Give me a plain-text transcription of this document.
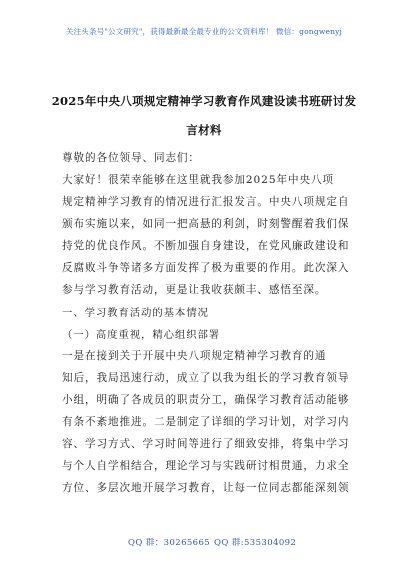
关注头条号"公文研究"，获得最新最全最专业的公文资料库！ 微信：gongwenyj
2025年中央八项规定精神学习教育作风建设读书班研讨发
言材料
尊敬的各位领导、同志们：
大家好！很荣幸能够在这里就我参加2025年中央八项
规定精神学习教育的情况进行汇报发言。中央八项规定自
颁布实施以来，如同一把高悬的利剑，时刻警醒着我们保
持党的优良作风。不断加强自身建设，在党风廉政建设和
反腐败斗争等诸多方面发挥了极为重要的作用。此次深入
参与学习教育活动，更是让我收获颇丰、感悟至深。
一、学习教育活动的基本情况
（一）高度重视，精心组织部署
一是在接到关于开展中央八项规定精神学习教育的通
知后，我局迅速行动，成立了以我为组长的学习教育领导
小组，明确了各成员的职责分工，确保学习教育活动能够
有条不紊地推进。二是制定了详细的学习计划，对学习内
容、学习方式、学习时间等进行了细致安排，将集中学习
与个人自学相结合，理论学习与实践研讨相贯通，力求全
方位、多层次地开展学习教育，让每一位同志都能深刻领
QQ 群：30265665 QQ 群:535304092
